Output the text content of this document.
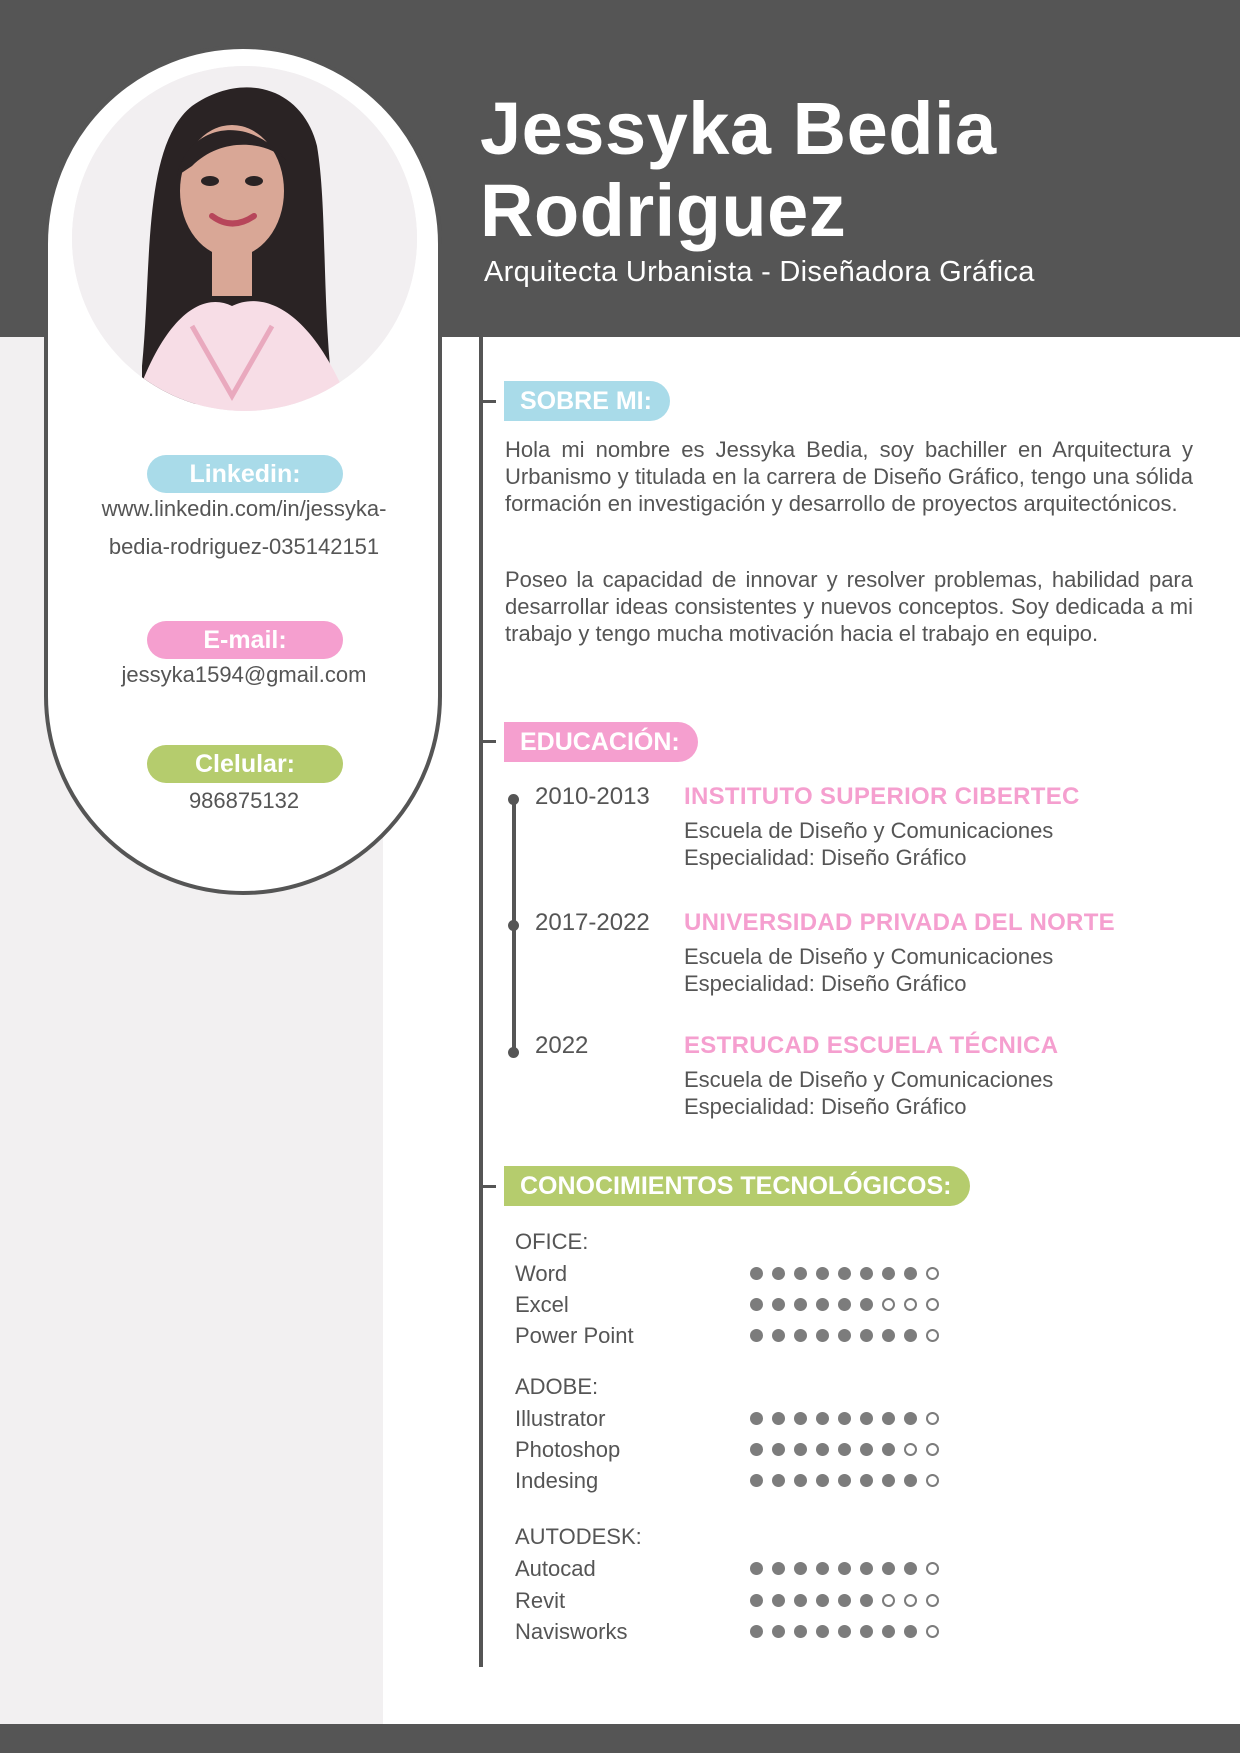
Jessyka Bedia
Rodriguez
Arquitecta Urbanista - Diseñadora Gráfica
Linkedin:
www.linkedin.com/in/jessyka-
bedia-rodriguez-035142151
E-mail:
jessyka1594@gmail.com
Clelular:
986875132
SOBRE MI:

Hola mi nombre es Jessyka Bedia, soy bachiller en Arquitectura y Urbanismo y titulada en la carrera de Diseño Gráfico, tengo una sólida formación en investigación y desarrollo de proyectos arquitectónicos.

Poseo la capacidad de innovar y resolver problemas, habilidad para desarrollar ideas consistentes y nuevos conceptos. Soy dedicada a mi trabajo y tengo mucha motivación hacia el trabajo en equipo.

EDUCACIÓN:
2010-2013 INSTITUTO SUPERIOR CIBERTEC
Escuela de Diseño y Comunicaciones
Especialidad: Diseño Gráfico
2017-2022 UNIVERSIDAD PRIVADA DEL NORTE
Escuela de Diseño y Comunicaciones
Especialidad: Diseño Gráfico
2022	ESTRUCAD ESCUELA TÉCNICA
Escuela de Diseño y Comunicaciones
Especialidad: Diseño Gráfico
CONOCIMIENTOS TECNOLÓGICOS:
OFICE:
Word
Excel
Power Point
ADOBE:
Illustrator
Photoshop
Indesing
AUTODESK:
Autocad
Revit
Navisworks
